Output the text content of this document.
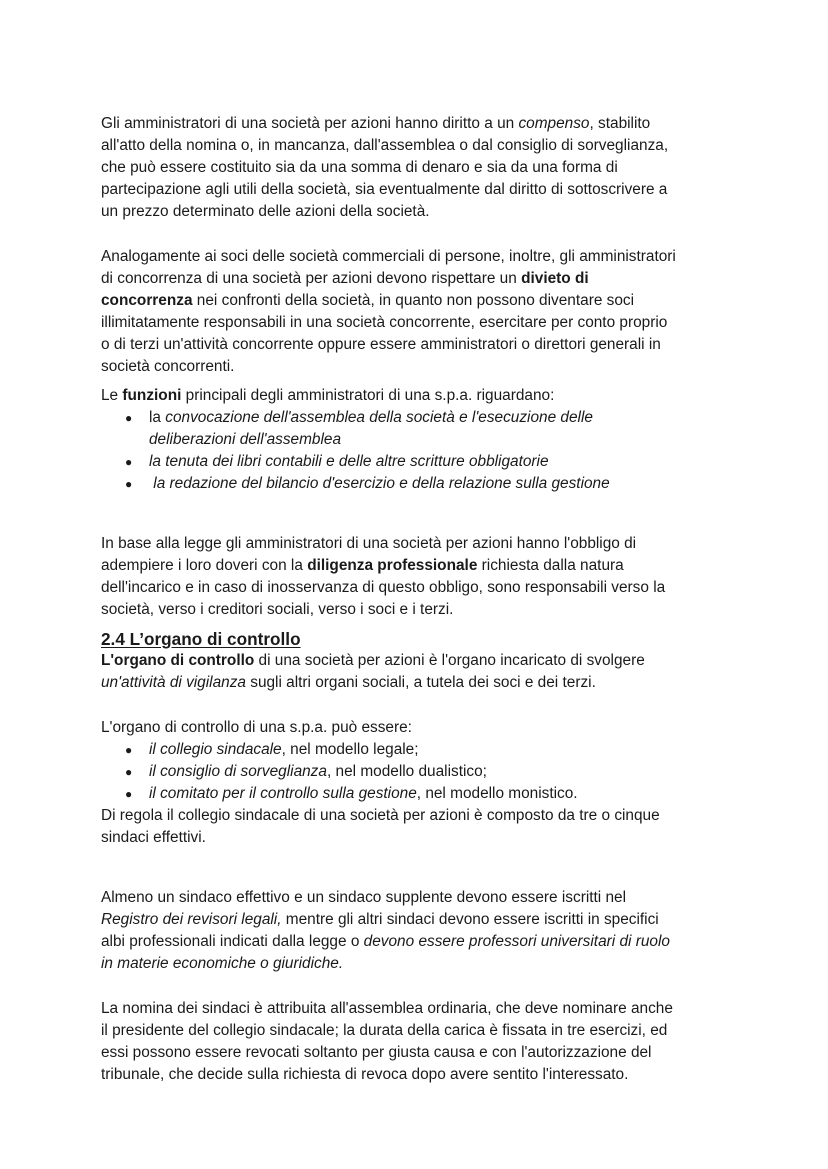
Gli amministratori di una società per azioni hanno diritto a un compenso, stabilito
all'atto della nomina o, in mancanza, dall'assemblea o dal consiglio di sorveglianza,
che può essere costituito sia da una somma di denaro e sia da una forma di
partecipazione agli utili della società, sia eventualmente dal diritto di sottoscrivere a
un prezzo determinato delle azioni della società.

Analogamente ai soci delle società commerciali di persone, inoltre, gli amministratori
di concorrenza di una società per azioni devono rispettare un divieto di
concorrenza nei confronti della società, in quanto non possono diventare soci
illimitatamente responsabili in una società concorrente, esercitare per conto proprio
o di terzi un'attività concorrente oppure essere amministratori o direttori generali in
società concorrenti.

Le funzioni principali degli amministratori di una s.p.a. riguardano:
● la convocazione dell'assemblea della società e l'esecuzione delle
deliberazioni dell'assemblea
● la tenuta dei libri contabili e delle altre scritture obbligatorie
● la redazione del bilancio d'esercizio e della relazione sulla gestione

In base alla legge gli amministratori di una società per azioni hanno l'obbligo di
adempiere i loro doveri con la diligenza professionale richiesta dalla natura
dell'incarico e in caso di inosservanza di questo obbligo, sono responsabili verso la
società, verso i creditori sociali, verso i soci e i terzi.

2.4 L’organo di controllo
L'organo di controllo di una società per azioni è l'organo incaricato di svolgere
un'attività di vigilanza sugli altri organi sociali, a tutela dei soci e dei terzi.
L'organo di controllo di una s.p.a. può essere:
● il collegio sindacale, nel modello legale;
● il consiglio di sorveglianza, nel modello dualistico;
● il comitato per il controllo sulla gestione, nel modello monistico.
Di regola il collegio sindacale di una società per azioni è composto da tre o cinque
sindaci effettivi.

Almeno un sindaco effettivo e un sindaco supplente devono essere iscritti nel
Registro dei revisori legali, mentre gli altri sindaci devono essere iscritti in specifici
albi professionali indicati dalla legge o devono essere professori universitari di ruolo
in materie economiche o giuridiche.

La nomina dei sindaci è attribuita all'assemblea ordinaria, che deve nominare anche
il presidente del collegio sindacale; la durata della carica è fissata in tre esercizi, ed
essi possono essere revocati soltanto per giusta causa e con l'autorizzazione del
tribunale, che decide sulla richiesta di revoca dopo avere sentito l'interessato.
